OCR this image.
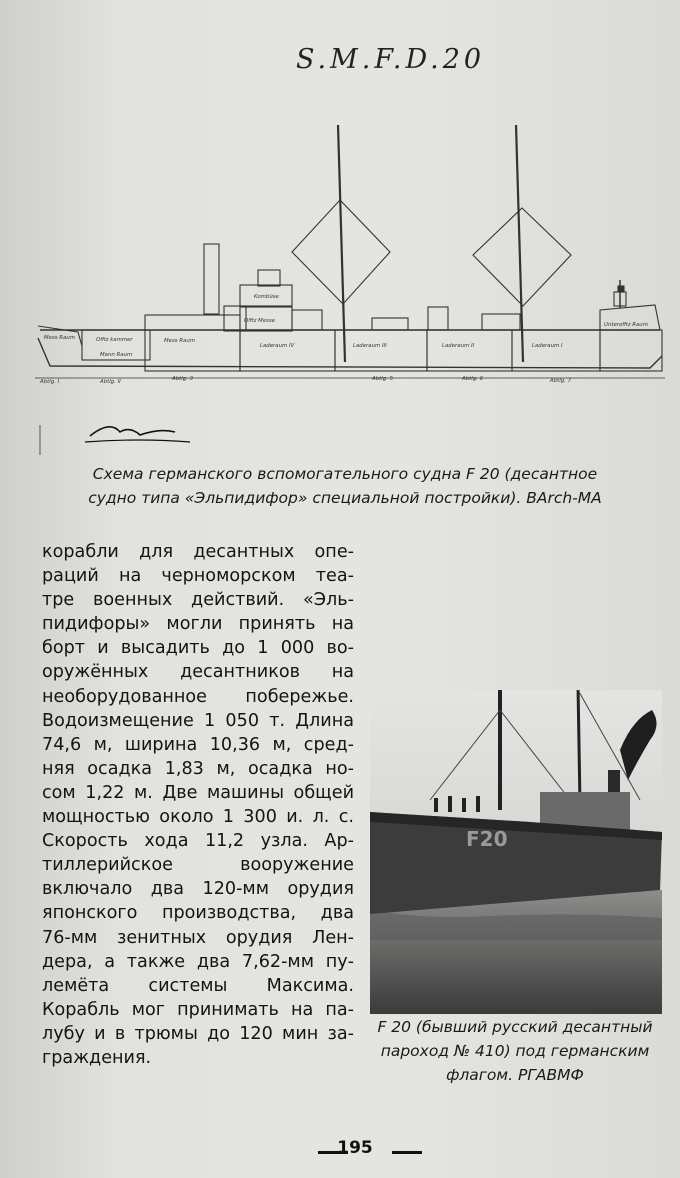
S.M.F.D.20
Mess Raum	Offiz kammer
Mann Raum
Mess Raum
Laderaum IV	Laderaum III	Laderaum II	Laderaum I
Offiz Messe
Kombüse
Unteroffiz Raum
Abtlg. I	Abtlg. II	Abtlg. 3	Abtlg. 5	Abtlg. 6	Abtlg. 7
Схема германского вспомогательного судна F 20 (десантное
судно типа «Эльпидифор» специальной постройки). BArch-MA
корабли для десантных опе-
раций на черноморском теа-
тре военных действий. «Эль-
пидифоры» могли принять на
борт и высадить до 1 000 во-
оружённых десантников на
необорудованное побережье.
Водоизмещение 1 050 т. Длина
74,6 м, ширина 10,36 м, сред-
няя осадка 1,83 м, осадка но-
сом 1,22 м. Две машины общей
мощностью около 1 300 и. л. с.
Скорость хода 11,2 узла. Ар-
тиллерийское вооружение
включало два 120-мм орудия
японского производства, два
76-мм зенитных орудия Лен-
дера, а также два 7,62-мм пу-
лемёта системы Максима.
Корабль мог принимать на па-
лубу и в трюмы до 120 мин за-
граждения.
F20
F 20 (бывший русский десантный
пароход № 410) под германским
флагом. РГАВМФ
195
